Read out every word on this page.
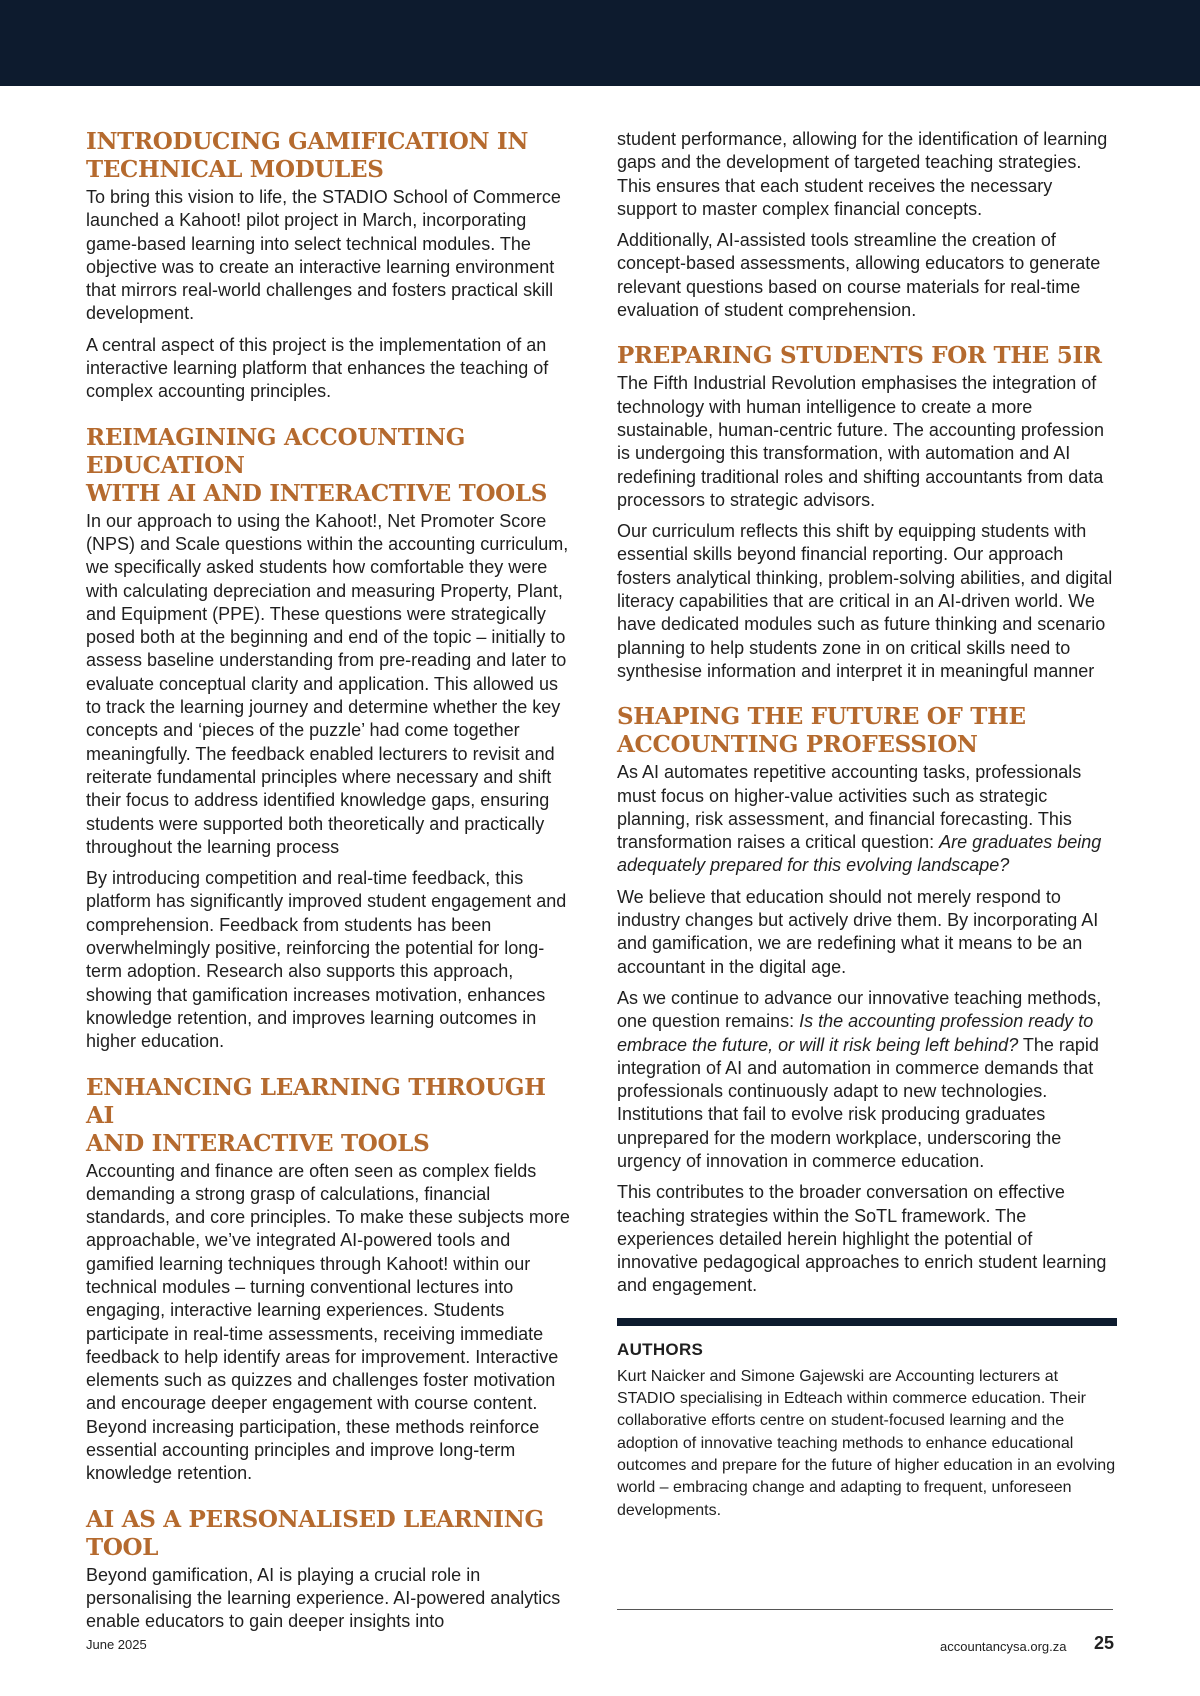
INTRODUCING GAMIFICATION IN
TECHNICAL MODULES

To bring this vision to life, the STADIO School of Commerce launched a Kahoot! pilot project in March, incorporating game-based learning into select technical modules. The objective was to create an interactive learning environment that mirrors real-world challenges and fosters practical skill development.

A central aspect of this project is the implementation of an interactive learning platform that enhances the teaching of complex accounting principles.

REIMAGINING ACCOUNTING EDUCATION
WITH AI AND INTERACTIVE TOOLS

In our approach to using the Kahoot!, Net Promoter Score (NPS) and Scale questions within the accounting curriculum, we specifically asked students how comfortable they were with calculating depreciation and measuring Property, Plant, and Equipment (PPE). These questions were strategically posed both at the beginning and end of the topic – initially to assess baseline understanding from pre-reading and later to evaluate conceptual clarity and application. This allowed us to track the learning journey and determine whether the key concepts and ‘pieces of the puzzle’ had come together meaningfully. The feedback enabled lecturers to revisit and reiterate fundamental principles where necessary and shift their focus to address identified knowledge gaps, ensuring students were supported both theoretically and practically throughout the learning process

By introducing competition and real-time feedback, this platform has significantly improved student engagement and comprehension. Feedback from students has been overwhelmingly positive, reinforcing the potential for long-term adoption. Research also supports this approach, showing that gamification increases motivation, enhances knowledge retention, and improves learning outcomes in higher education.

ENHANCING LEARNING THROUGH AI
AND INTERACTIVE TOOLS

Accounting and finance are often seen as complex fields demanding a strong grasp of calculations, financial standards, and core principles. To make these subjects more approachable, we’ve integrated AI-powered tools and gamified learning techniques through Kahoot! within our technical modules – turning conventional lectures into engaging, interactive learning experiences. Students participate in real-time assessments, receiving immediate feedback to help identify areas for improvement. Interactive elements such as quizzes and challenges foster motivation and encourage deeper engagement with course content. Beyond increasing participation, these methods reinforce essential accounting principles and improve long-term knowledge retention.

AI AS A PERSONALISED LEARNING TOOL

Beyond gamification, AI is playing a crucial role in personalising the learning experience. AI-powered analytics enable educators to gain deeper insights into

student performance, allowing for the identification of learning gaps and the development of targeted teaching strategies. This ensures that each student receives the necessary support to master complex financial concepts.

Additionally, AI-assisted tools streamline the creation of concept-based assessments, allowing educators to generate relevant questions based on course materials for real-time evaluation of student comprehension.

PREPARING STUDENTS FOR THE 5IR

The Fifth Industrial Revolution emphasises the integration of technology with human intelligence to create a more sustainable, human-centric future. The accounting profession is undergoing this transformation, with automation and AI redefining traditional roles and shifting accountants from data processors to strategic advisors.

Our curriculum reflects this shift by equipping students with essential skills beyond financial reporting. Our approach fosters analytical thinking, problem-solving abilities, and digital literacy capabilities that are critical in an AI-driven world. We have dedicated modules such as future thinking and scenario planning to help students zone in on critical skills need to synthesise information and interpret it in meaningful manner

SHAPING THE FUTURE OF THE
ACCOUNTING PROFESSION

As AI automates repetitive accounting tasks, professionals must focus on higher-value activities such as strategic planning, risk assessment, and financial forecasting. This transformation raises a critical question: Are graduates being adequately prepared for this evolving landscape?

We believe that education should not merely respond to industry changes but actively drive them. By incorporating AI and gamification, we are redefining what it means to be an accountant in the digital age.

As we continue to advance our innovative teaching methods, one question remains: Is the accounting profession ready to embrace the future, or will it risk being left behind? The rapid integration of AI and automation in commerce demands that professionals continuously adapt to new technologies. Institutions that fail to evolve risk producing graduates unprepared for the modern workplace, underscoring the urgency of innovation in commerce education.

This contributes to the broader conversation on effective teaching strategies within the SoTL framework. The experiences detailed herein highlight the potential of innovative pedagogical approaches to enrich student learning and engagement.

AUTHORS

Kurt Naicker and Simone Gajewski are Accounting lecturers at STADIO specialising in Edteach within commerce education. Their collaborative efforts centre on student-focused learning and the adoption of innovative teaching methods to enhance educational outcomes and prepare for the future of higher education in an evolving world – embracing change and adapting to frequent, unforeseen developments.

June 2025	accountancysa.org.za 25
